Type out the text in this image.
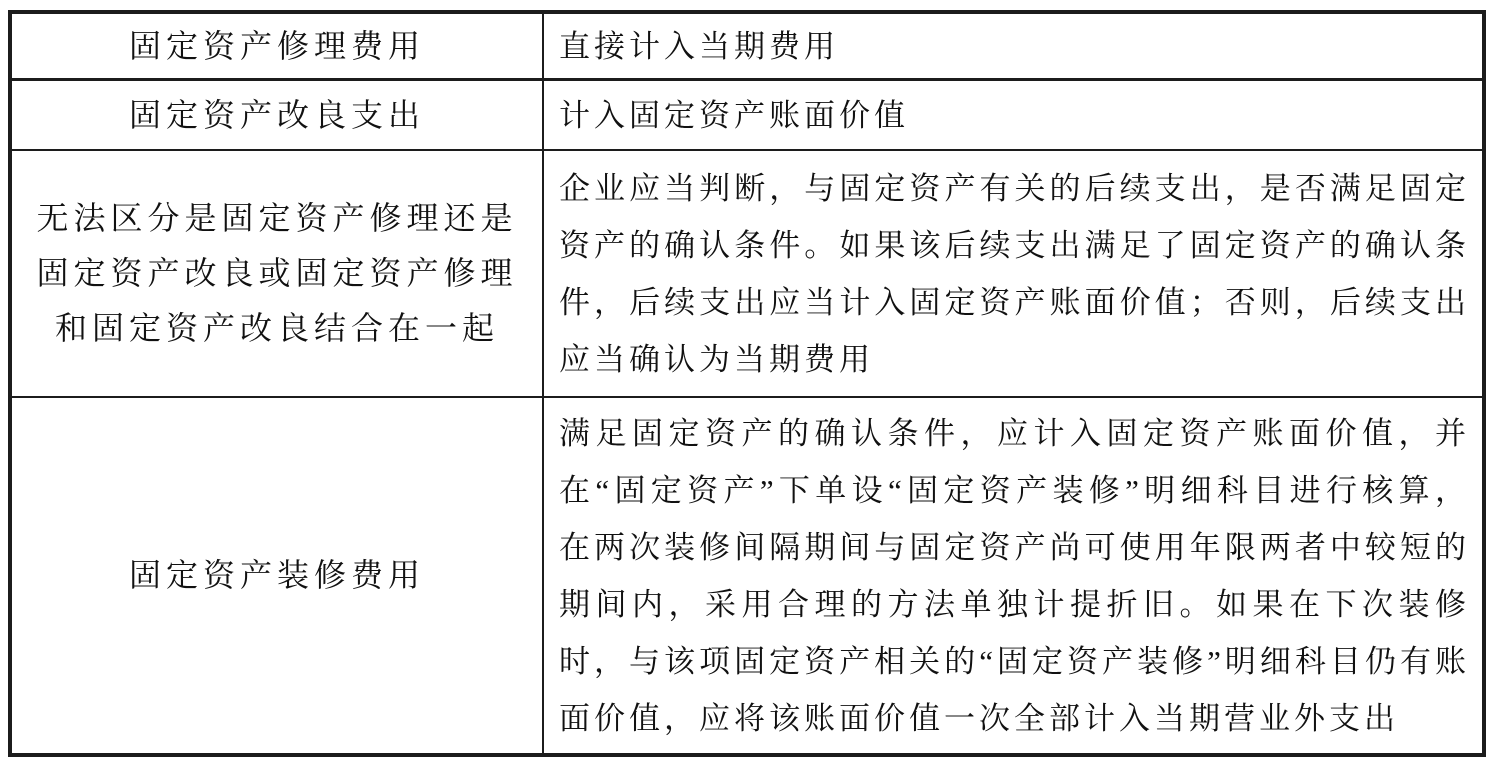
固定资产修理费用	直接计入当期费用

固定资产改良支出	计入固定资产账面价值

无法区分是固定资产修理还是
固定资产改良或固定资产修理
和固定资产改良结合在一起

企业应当判断，与固定资产有关的后续支出，是否满足固定资产的确认条件。如果该后续支出满足了固定资产的确认条件，后续支出应当计入固定资产账面价值；否则，后续支出应当确认为当期费用

固定资产装修费用

满足固定资产的确认条件，应计入固定资产账面价值，并在“固定资产”下单设“固定资产装修”明细科目进行核算，在两次装修间隔期间与固定资产尚可使用年限两者中较短的期间内，采用合理的方法单独计提折旧。如果在下次装修时，与该项固定资产相关的“固定资产装修”明细科目仍有账面价值，应将该账面价值一次全部计入当期营业外支出
